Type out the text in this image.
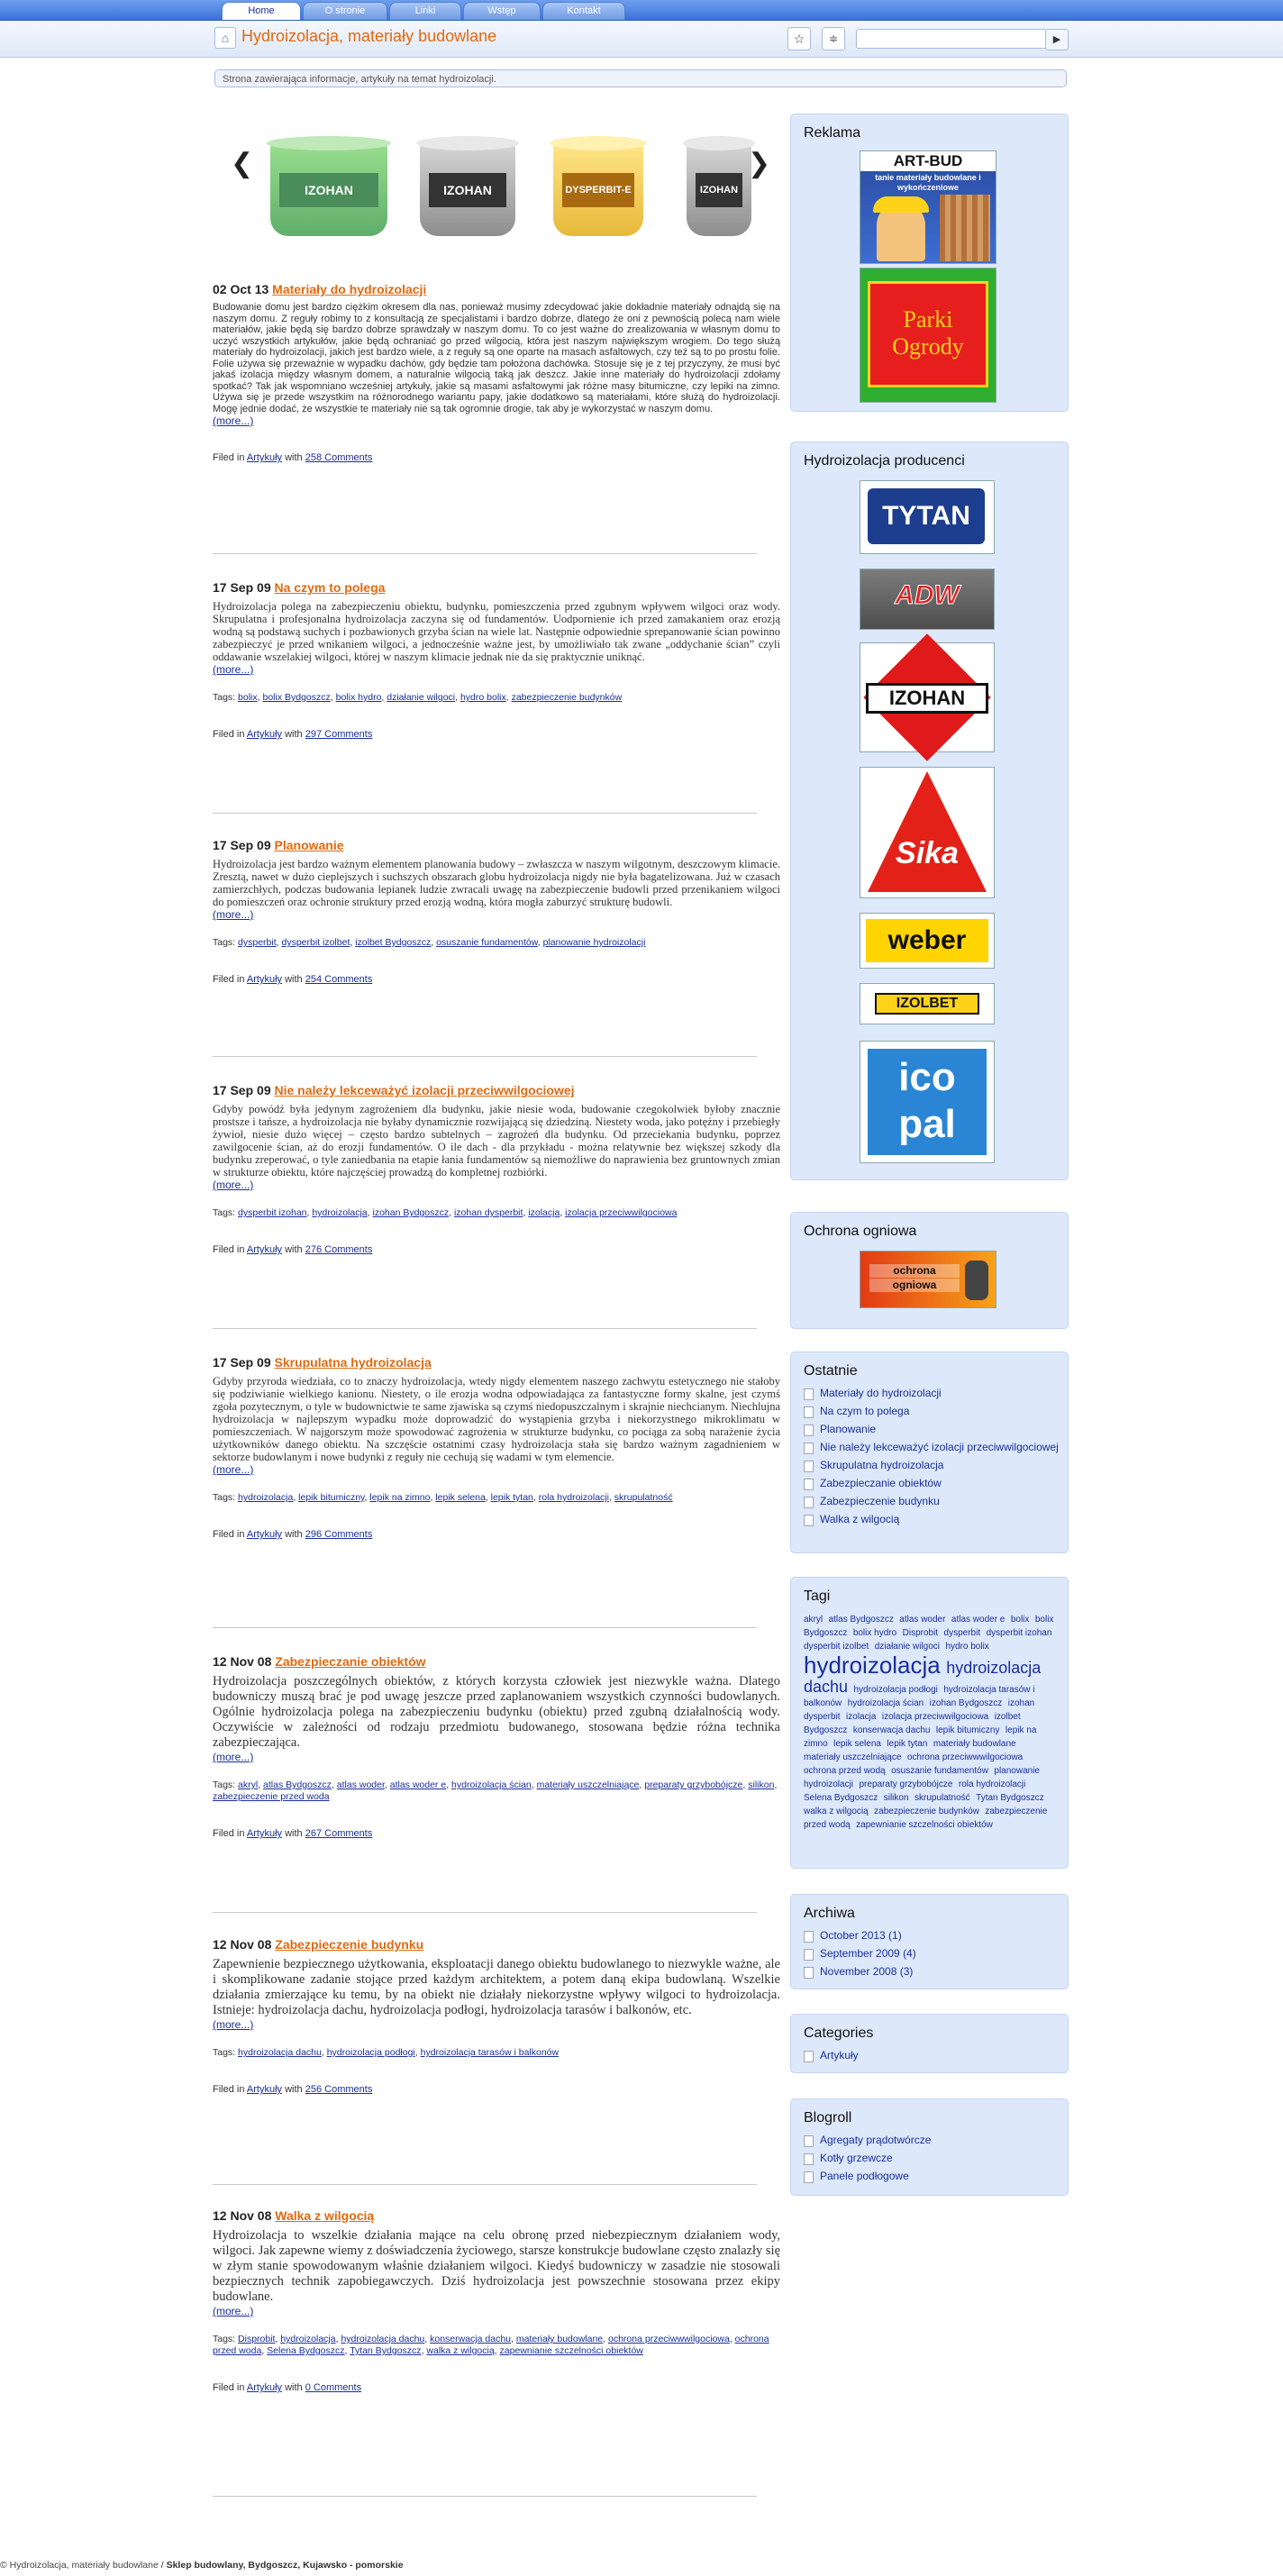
Home	O stronie	Linki	Wstęp	Kontakt
⌂ Hydroizolacja, materiały budowlane	☆	≑	▶
Strona zawierająca informacje, artykuły na temat hydroizolacji.
❮
IZOHAN	IZOHAN	DYSPERBIT-E	IZOHAN
❯
02 Oct 13 Materiały do hydroizolacji
Budowanie domu jest bardzo ciężkim okresem dla nas, ponieważ musimy zdecydować jakie dokładnie materiały odnajdą się na naszym domu. Z reguły robimy to z konsultacją ze specjalistami i bardzo dobrze, dlatego że oni z pewnością polecą nam wiele materiałów, jakie będą się bardzo dobrze sprawdzały w naszym domu. To co jest ważne do zrealizowania w własnym domu to uczyć wszystkich artykułów, jakie będą ochraniać go przed wilgocią, która jest naszym największym wrogiem. Do tego służą materiały do hydroizolacji, jakich jest bardzo wiele, a z reguły są one oparte na masach asfaltowych, czy też są to po prostu folie. Folie używa się przeważnie w wypadku dachów, gdy będzie tam położona dachówka. Stosuje się je z tej przyczyny, że musi być jakaś izolacja między własnym domem, a naturalnie wilgocią taką jak deszcz. Jakie inne materiały do hydroizolacji zdołamy spotkać? Tak jak wspomniano wcześniej artykuły, jakie są masami asfaltowymi jak różne masy bitumiczne, czy lepiki na zimno. Używa się je przede wszystkim na różnorodnego wariantu papy, jakie dodatkowo są materiałami, które służą do hydroizolacji. Mogę jednie dodać, że wszystkie te materiały nie są tak ogromnie drogie, tak aby je wykorzystać w naszym domu.
(more...)
Filed in Artykuły with 258 Comments
17 Sep 09 Na czym to polega
Hydroizolacja polega na zabezpieczeniu obiektu, budynku, pomieszczenia przed zgubnym wpływem wilgoci oraz wody. Skrupulatna i profesjonalna hydroizolacja zaczyna się od fundamentów. Uodpornienie ich przed zamakaniem oraz erozją wodną są podstawą suchych i pozbawionych grzyba ścian na wiele lat. Następnie odpowiednie sprepanowanie ścian powinno zabezpieczyć je przed wnikaniem wilgoci, a jednocześnie ważne jest, by umożliwiało tak zwane „oddychanie ścian” czyli oddawanie wszelakiej wilgoci, której w naszym klimacie jednak nie da się praktycznie uniknąć.
(more...)
Tags: bolix, bolix Bydgoszcz, bolix hydro, działanie wilgoci, hydro bolix, zabezpieczenie budynków
Filed in Artykuły with 297 Comments
17 Sep 09 Planowanie
Hydroizolacja jest bardzo ważnym elementem planowania budowy – zwłaszcza w naszym wilgotnym, deszczowym klimacie. Zresztą, nawet w dużo cieplejszych i suchszych obszarach globu hydroizolacja nigdy nie była bagatelizowana. Już w czasach zamierzchłych, podczas budowania lepianek ludzie zwracali uwagę na zabezpieczenie budowli przed przenikaniem wilgoci do pomieszczeń oraz ochronie struktury przed erozją wodną, która mogła zaburzyć strukturę budowli.
(more...)
Tags: dysperbit, dysperbit izolbet, izolbet Bydgoszcz, osuszanie fundamentów, planowanie hydroizolacji
Filed in Artykuły with 254 Comments
17 Sep 09 Nie należy lekceważyć izolacji przeciwwilgociowej
Gdyby powódź była jedynym zagrożeniem dla budynku, jakie niesie woda, budowanie czegokolwiek byłoby znacznie prostsze i tańsze, a hydroizolacja nie byłaby dynamicznie rozwijającą się dziedziną. Niestety woda, jako potężny i przebiegły żywioł, niesie dużo więcej – często bardzo subtelnych – zagrożeń dla budynku. Od przeciekania budynku, poprzez zawilgocenie ścian, aż do erozji fundamentów. O ile dach - dla przykładu - można relatywnie bez większej szkody dla budynku zreperować, o tyle zaniedbania na etapie łania fundamentów są niemożliwe do naprawienia bez gruntownych zmian w strukturze obiektu, które najczęściej prowadzą do kompletnej rozbiórki.
(more...)
Tags: dysperbit izohan, hydroizolacja, izohan Bydgoszcz, izohan dysperbit, izolacja, izolacja przeciwwilgociowa
Filed in Artykuły with 276 Comments
17 Sep 09 Skrupulatna hydroizolacja
Gdyby przyroda wiedziała, co to znaczy hydroizolacja, wtedy nigdy elementem naszego zachwytu estetycznego nie stałoby się podziwianie wielkiego kanionu. Niestety, o ile erozja wodna odpowiadająca za fantastyczne formy skalne, jest czymś zgoła pozytecznym, o tyle w budownictwie te same zjawiska są czymś niedopuszczalnym i skrajnie niechcianym. Niechlujna hydroizolacja w najlepszym wypadku może doprowadzić do wystąpienia grzyba i niekorzystnego mikroklimatu w pomieszczeniach. W najgorszym może spowodować zagrożenia w strukturze budynku, co pociąga za sobą narażenie życia użytkowników danego obiektu. Na szczęście ostatnimi czasy hydroizolacja stała się bardzo ważnym zagadnieniem w sektorze budowlanym i nowe budynki z reguły nie cechują się wadami w tym elemencie.
(more...)
Tags: hydroizolacja, lepik bitumiczny, lepik na zimno, lepik selena, lepik tytan, rola hydroizolacji, skrupulatność
Filed in Artykuły with 296 Comments
12 Nov 08 Zabezpieczanie obiektów
Hydroizolacja poszczególnych obiektów, z których korzysta człowiek jest niezwykle ważna. Dlatego budowniczy muszą brać je pod uwagę jeszcze przed zaplanowaniem wszystkich czynności budowlanych. Ogólnie hydroizolacja polega na zabezpieczeniu budynku (obiektu) przed zgubną działalnością wody. Oczywiście w zależności od rodzaju przedmiotu budowanego, stosowana będzie różna technika zabezpieczająca.
(more...)
Tags: akryl, atlas Bydgoszcz, atlas woder, atlas woder e, hydroizolacja ścian, materiały uszczelniające, preparaty grzybobójcze, silikon, zabezpieczenie przed woda
Filed in Artykuły with 267 Comments
12 Nov 08 Zabezpieczenie budynku
Zapewnienie bezpiecznego użytkowania, eksploatacji danego obiektu budowlanego to niezwykle ważne, ale i skomplikowane zadanie stojące przed każdym architektem, a potem daną ekipa budowlaną. Wszelkie działania zmierzające ku temu, by na obiekt nie działały niekorzystne wpływy wilgoci to hydroizolacja. Istnieje: hydroizolacja dachu, hydroizolacja podłogi, hydroizolacja tarasów i balkonów, etc.
(more...)
Tags: hydroizolacja dachu, hydroizolacja podłogi, hydroizolacja tarasów i balkonów
Filed in Artykuły with 256 Comments
12 Nov 08 Walka z wilgocią
Hydroizolacja to wszelkie działania mające na celu obronę przed niebezpiecznym działaniem wody, wilgoci. Jak zapewne wiemy z doświadczenia życiowego, starsze konstrukcje budowlane często znalazły się w złym stanie spowodowanym właśnie działaniem wilgoci. Kiedyś budowniczy w zasadzie nie stosowali bezpiecznych technik zapobiegawczych. Dziś hydroizolacja jest powszechnie stosowana przez ekipy budowlane.
(more...)
Tags: Disprobit, hydroizolacja, hydroizolacja dachu, konserwacja dachu, materiały budowlane, ochrona przeciwwwilgociowa, ochrona przed woda, Selena Bydgoszcz, Tytan Bydgoszcz, walka z wilgocią, zapewnianie szczelności obiektów
Filed in Artykuły with 0 Comments
Reklama
ART-BUD
tanie materiały budowlane i wykończeniowe
Parki
Ogrody
Hydroizolacja producenci
TYTAN
ADW
IZOHAN
Sika
weber
IZOLBET
ico pal
Ochrona ogniowa
ochrona
ogniowa
Ostatnie
Materiały do hydroizolacji
Na czym to polega
Planowanie
Nie należy lekceważyć izolacji przeciwwilgociowej
Skrupulatna hydroizolacja
Zabezpieczanie obiektów
Zabezpieczenie budynku
Walka z wilgocią
Tagi
akryl atlas Bydgoszcz atlas woder atlas woder e bolix bolix Bydgoszcz bolix hydro Disprobit dysperbit dysperbit izohan dysperbit izolbet działanie wilgoci hydro bolix hydroizolacja hydroizolacja dachu hydroizolacja podłogi hydroizolacja tarasów i balkonów hydroizolacja ścian izohan Bydgoszcz izohan dysperbit izolacja izolacja przeciwwilgociowa izolbet Bydgoszcz konserwacja dachu lepik bitumiczny lepik na zimno lepik selena lepik tytan materiały budowlane materiały uszczelniające ochrona przeciwwwilgociowa ochrona przed wodą osuszanie fundamentów planowanie hydroizolacji preparaty grzybobójcze rola hydroizolacji Selena Bydgoszcz silikon skrupulatność Tytan Bydgoszcz walka z wilgocią zabezpieczenie budynków zabezpieczenie przed wodą zapewnianie szczelności obiektów
Archiwa
October 2013 (1)
September 2009 (4)
November 2008 (3)
Categories
Artykuły
Blogroll
Agregaty prądotwórcze
Kotły grzewcze
Panele podłogowe
© Hydroizolacja, materiały budowlane / Sklep budowlany, Bydgoszcz, Kujawsko - pomorskie
